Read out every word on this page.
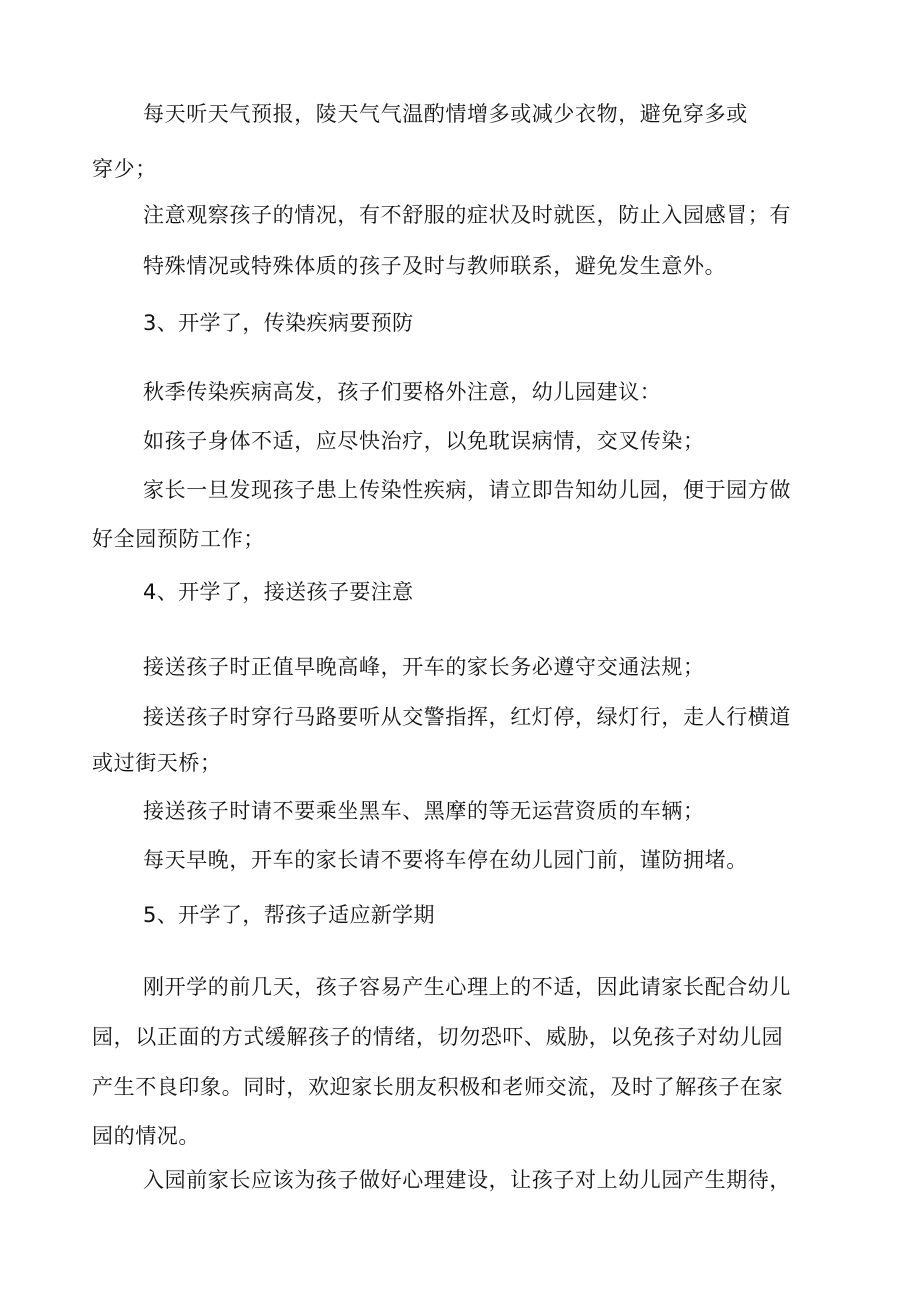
每天听天气预报，陵天气气温酌情增多或减少衣物，避免穿多或
穿少；
注意观察孩子的情况，有不舒服的症状及时就医，防止入园感冒；有
特殊情况或特殊体质的孩子及时与教师联系，避免发生意外。
3、开学了，传染疾病要预防
秋季传染疾病高发，孩子们要格外注意，幼儿园建议：
如孩子身体不适，应尽快治疗，以免耽误病情，交叉传染；
家长一旦发现孩子患上传染性疾病，请立即告知幼儿园，便于园方做
好全园预防工作；
4、开学了，接送孩子要注意
接送孩子时正值早晚高峰，开车的家长务必遵守交通法规；
接送孩子时穿行马路要听从交警指挥，红灯停，绿灯行，走人行横道
或过街天桥；
接送孩子时请不要乘坐黑车、黑摩的等无运营资质的车辆；
每天早晚，开车的家长请不要将车停在幼儿园门前，谨防拥堵。
5、开学了，帮孩子适应新学期
刚开学的前几天，孩子容易产生心理上的不适，因此请家长配合幼儿
园，以正面的方式缓解孩子的情绪，切勿恐吓、威胁，以免孩子对幼儿园
产生不良印象。同时，欢迎家长朋友积极和老师交流，及时了解孩子在家
园的情况。
入园前家长应该为孩子做好心理建设，让孩子对上幼儿园产生期待，
